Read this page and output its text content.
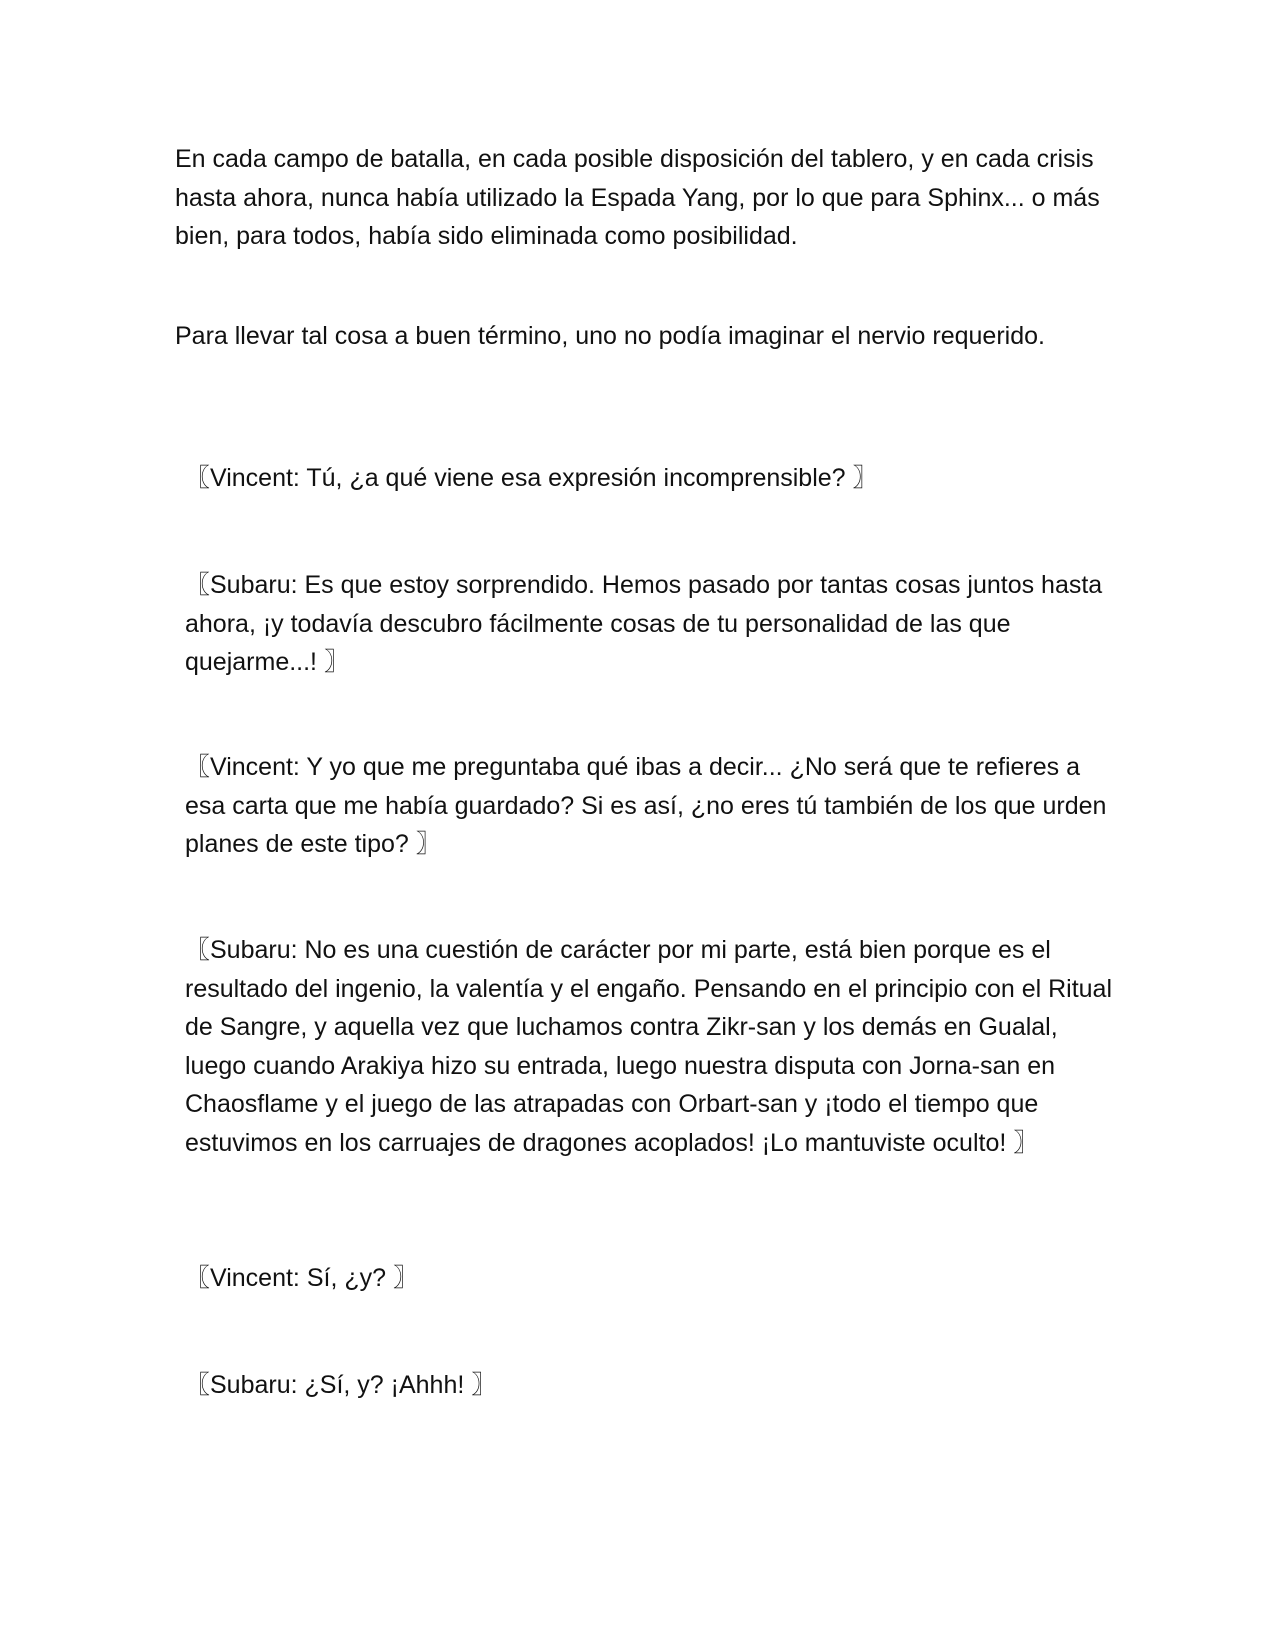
En cada campo de batalla, en cada posible disposición del tablero, y en cada crisis hasta ahora, nunca había utilizado la Espada Yang, por lo que para Sphinx... o más bien, para todos, había sido eliminada como posibilidad.

Para llevar tal cosa a buen término, uno no podía imaginar el nervio requerido.

〖Vincent: Tú, ¿a qué viene esa expresión incomprensible? 〗

〖Subaru: Es que estoy sorprendido. Hemos pasado por tantas cosas juntos hasta ahora, ¡y todavía descubro fácilmente cosas de tu personalidad de las que quejarme...! 〗

〖Vincent: Y yo que me preguntaba qué ibas a decir... ¿No será que te refieres a esa carta que me había guardado? Si es así, ¿no eres tú también de los que urden planes de este tipo? 〗

〖Subaru: No es una cuestión de carácter por mi parte, está bien porque es el resultado del ingenio, la valentía y el engaño. Pensando en el principio con el Ritual de Sangre, y aquella vez que luchamos contra Zikr-san y los demás en Gualal, luego cuando Arakiya hizo su entrada, luego nuestra disputa con Jorna-san en Chaosflame y el juego de las atrapadas con Orbart-san y ¡todo el tiempo que estuvimos en los carruajes de dragones acoplados! ¡Lo mantuviste oculto! 〗

〖Vincent: Sí, ¿y? 〗

〖Subaru: ¿Sí, y? ¡Ahhh! 〗
